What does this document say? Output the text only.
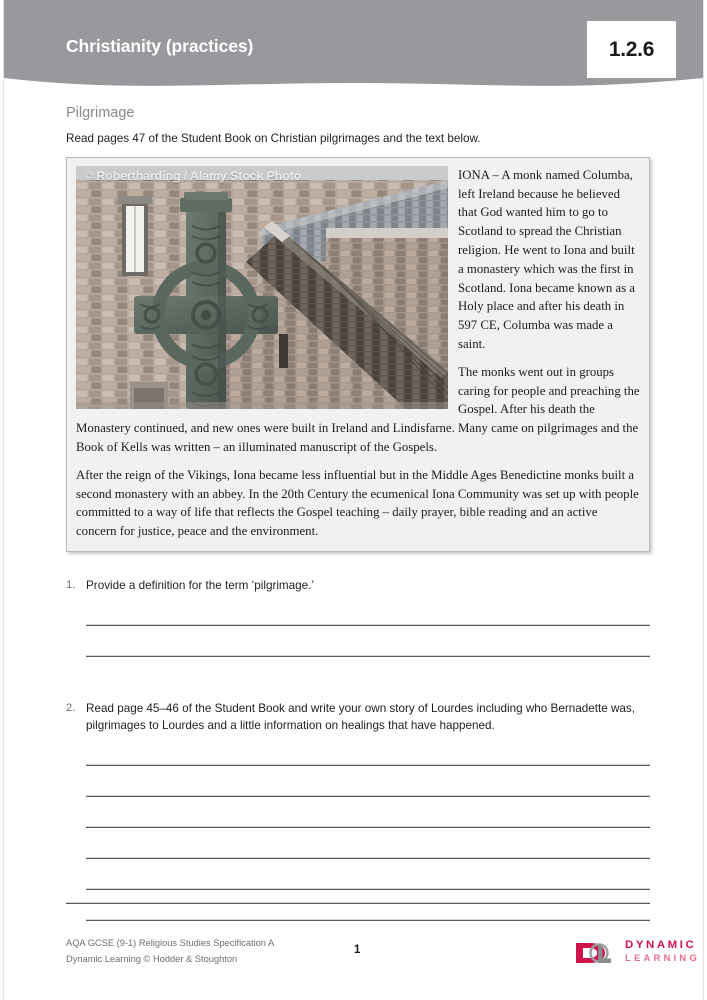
Christianity (practices)	1.2.6
Pilgrimage

Read pages 47 of the Student Book on Christian pilgrimages and the text below.

© Robertharding / Alamy Stock Photo	IONA – A monk named Columba, left Ireland because he believed that God wanted him to go to Scotland to spread the Christian religion. He went to Iona and built a monastery which was the first in Scotland. Iona became known as a Holy place and after his death in 597 CE, Columba was made a saint.

The monks went out in groups caring for people and preaching the Gospel. After his death the Monastery continued, and new ones were built in Ireland and Lindisfarne. Many came on pilgrimages and the Book of Kells was written – an illuminated manuscript of the Gospels.

After the reign of the Vikings, Iona became less influential but in the Middle Ages Benedictine monks built a second monastery with an abbey. In the 20th Century the ecumenical Iona Community was set up with people committed to a way of life that reflects the Gospel teaching – daily prayer, bible reading and an active concern for justice, peace and the environment.

1. Provide a definition for the term ‘pilgrimage.’
2. Read page 45–46 of the Student Book and write your own story of Lourdes including who Bernadette was, pilgrimages to Lourdes and a little information on healings that have happened.
AQA GCSE (9-1) Religious Studies Specification A
Dynamic Learning © Hodder & Stoughton
1	DYNAMIC
LEARNING
